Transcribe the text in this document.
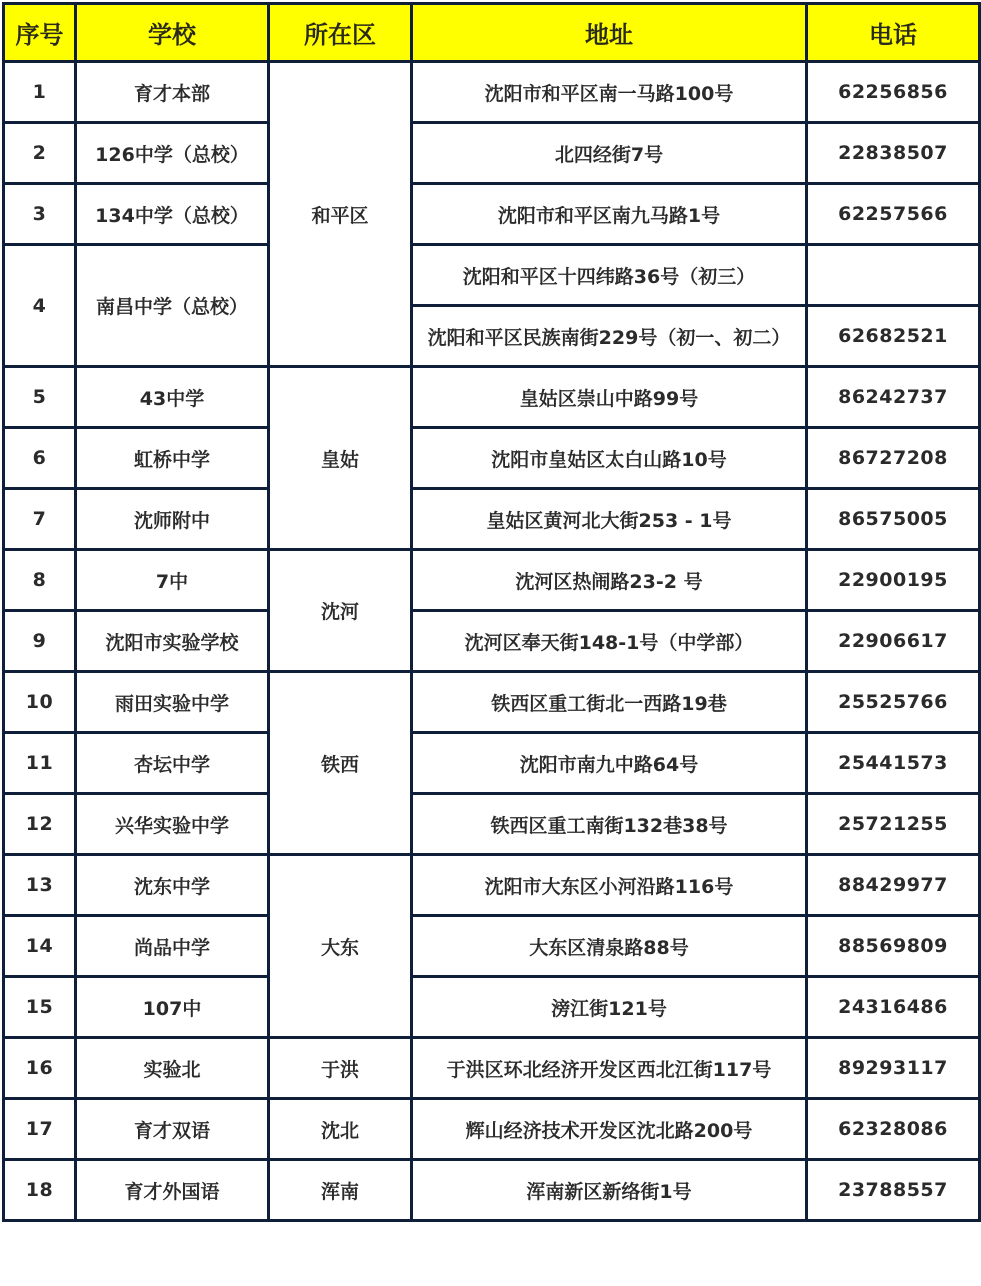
序号	学校	所在区	地址	电话
1	育才本部	和平区	沈阳市和平区南一马路100号	62256856
2	126中学（总校）		北四经街7号	22838507
3	134中学（总校）		沈阳市和平区南九马路1号	62257566
4	南昌中学（总校）		沈阳和平区十四纬路36号（初三）	
			沈阳和平区民族南街229号（初一、初二）	62682521
5	43中学	皇姑	皇姑区崇山中路99号	86242737
6	虹桥中学		沈阳市皇姑区太白山路10号	86727208
7	沈师附中		皇姑区黄河北大街253 - 1号	86575005
8	7中	沈河	沈河区热闹路23-2 号	22900195
9	沈阳市实验学校		沈河区奉天街148-1号（中学部）	22906617
10	雨田实验中学	铁西	铁西区重工街北一西路19巷	25525766
11	杏坛中学		沈阳市南九中路64号	25441573
12	兴华实验中学		铁西区重工南街132巷38号	25721255
13	沈东中学	大东	沈阳市大东区小河沿路116号	88429977
14	尚品中学		大东区清泉路88号	88569809
15	107中		滂江街121号	24316486
16	实验北	于洪	于洪区环北经济开发区西北江街117号	89293117
17	育才双语	沈北	辉山经济技术开发区沈北路200号	62328086
18	育才外国语	浑南	浑南新区新络街1号	23788557
